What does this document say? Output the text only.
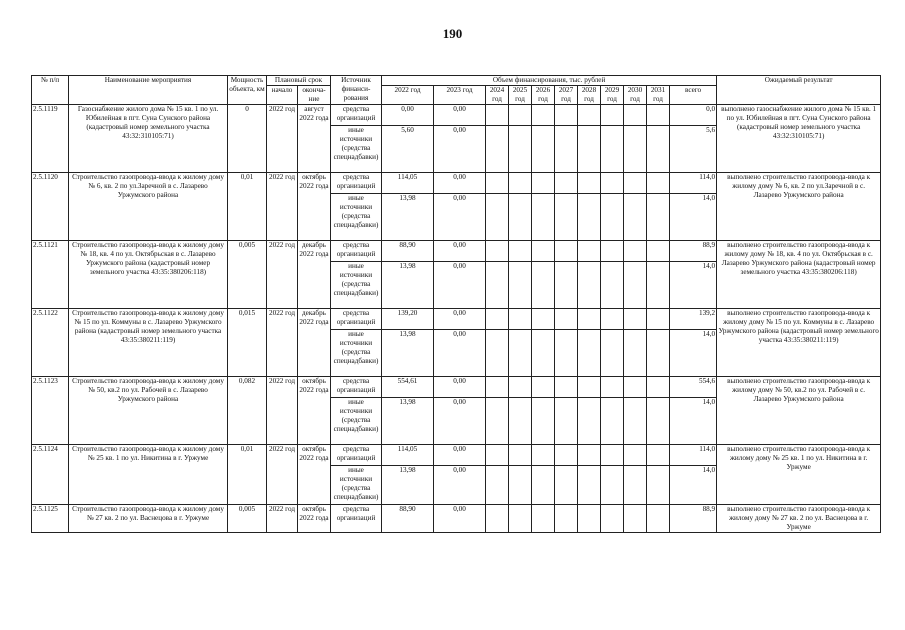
190
№ п/п	Наименование мероприятия	Мощность объекта, км	Плановый срок		Источник финанси-рования	Объем финансирования, тыс. рублей											Ожидаемый результат
			начало	оконча-ние		2022 год	2023 год	2024 год	2025 год	2026 год	2027 год	2028 год	2029 год	2030 год	2031 год	всего	

2.5.1119	Газоснабжение жилого дома № 15 кв. 1 по ул. Юбилейная в пгт. Суна Сунского района (кадастровый номер земельного участка 43:32:310105:71)	0	2022 год	август 2022 года	средства организаций	0,00	0,00									0,0	выполнено газоснабжение жилого дома № 15 кв. 1 по ул. Юбилейная в пгт. Суна Сунского района (кадастровый номер земельного участка 43:32:310105:71)
					иные источники (средства спецнадбавки)	5,60	0,00									5,6	
2.5.1120	Строительство газопровода-ввода к жилому дому № 6, кв. 2 по ул.Заречной в с. Лазарево Уржумского района	0,01	2022 год	октябрь 2022 года	средства организаций	114,05	0,00									114,0	выполнено строительство газопровода-ввода к жилому дому № 6, кв. 2 по ул.Заречной в с. Лазарево Уржумского района
					иные источники (средства спецнадбавки)	13,98	0,00									14,0	
2.5.1121	Строительство газопровода-ввода к жилому дому № 18, кв. 4 по ул. Октябрьская в с. Лазарево Уржумского района (кадастровый номер земельного участка 43:35:380206:118)	0,005	2022 год	декабрь 2022 года	средства организаций	88,90	0,00									88,9	выполнено строительство газопровода-ввода к жилому дому № 18, кв. 4 по ул. Октябрьская в с. Лазарево Уржумского района (кадастровый номер земельного участка 43:35:380206:118)
					иные источники (средства спецнадбавки)	13,98	0,00									14,0	
2.5.1122	Строительство газопровода-ввода к жилому дому № 15 по ул. Коммуны в с. Лазарево Уржумского района (кадастровый номер земельного участка 43:35:380211:119)	0,015	2022 год	декабрь 2022 года	средства организаций	139,20	0,00									139,2	выполнено строительство газопровода-ввода к жилому дому № 15 по ул. Коммуны в с. Лазарево Уржумского района (кадастровый номер земельного участка 43:35:380211:119)
					иные источники (средства спецнадбавки)	13,98	0,00									14,0	
2.5.1123	Строительство газопровода-ввода к жилому дому № 50, кв.2 по ул. Рабочей в с. Лазарево Уржумского района	0,082	2022 год	октябрь 2022 года	средства организаций	554,61	0,00									554,6	выполнено строительство газопровода-ввода к жилому дому № 50, кв.2 по ул. Рабочей в с. Лазарево Уржумского района
					иные источники (средства спецнадбавки)	13,98	0,00									14,0	
2.5.1124	Строительство газопровода-ввода к жилому дому № 25 кв. 1 по ул. Никитина в г. Уржуме	0,01	2022 год	октябрь 2022 года	средства организаций	114,05	0,00									114,0	выполнено строительство газопровода-ввода к жилому дому № 25 кв. 1 по ул. Никитина в г. Уржуме
					иные источники (средства спецнадбавки)	13,98	0,00									14,0	
2.5.1125	Строительство газопровода-ввода к жилому дому № 27 кв. 2 по ул. Васнецова в г. Уржуме	0,005	2022 год	октябрь 2022 года	средства организаций	88,90	0,00									88,9	выполнено строительство газопровода-ввода к жилому дому № 27 кв. 2 по ул. Васнецова в г. Уржуме
